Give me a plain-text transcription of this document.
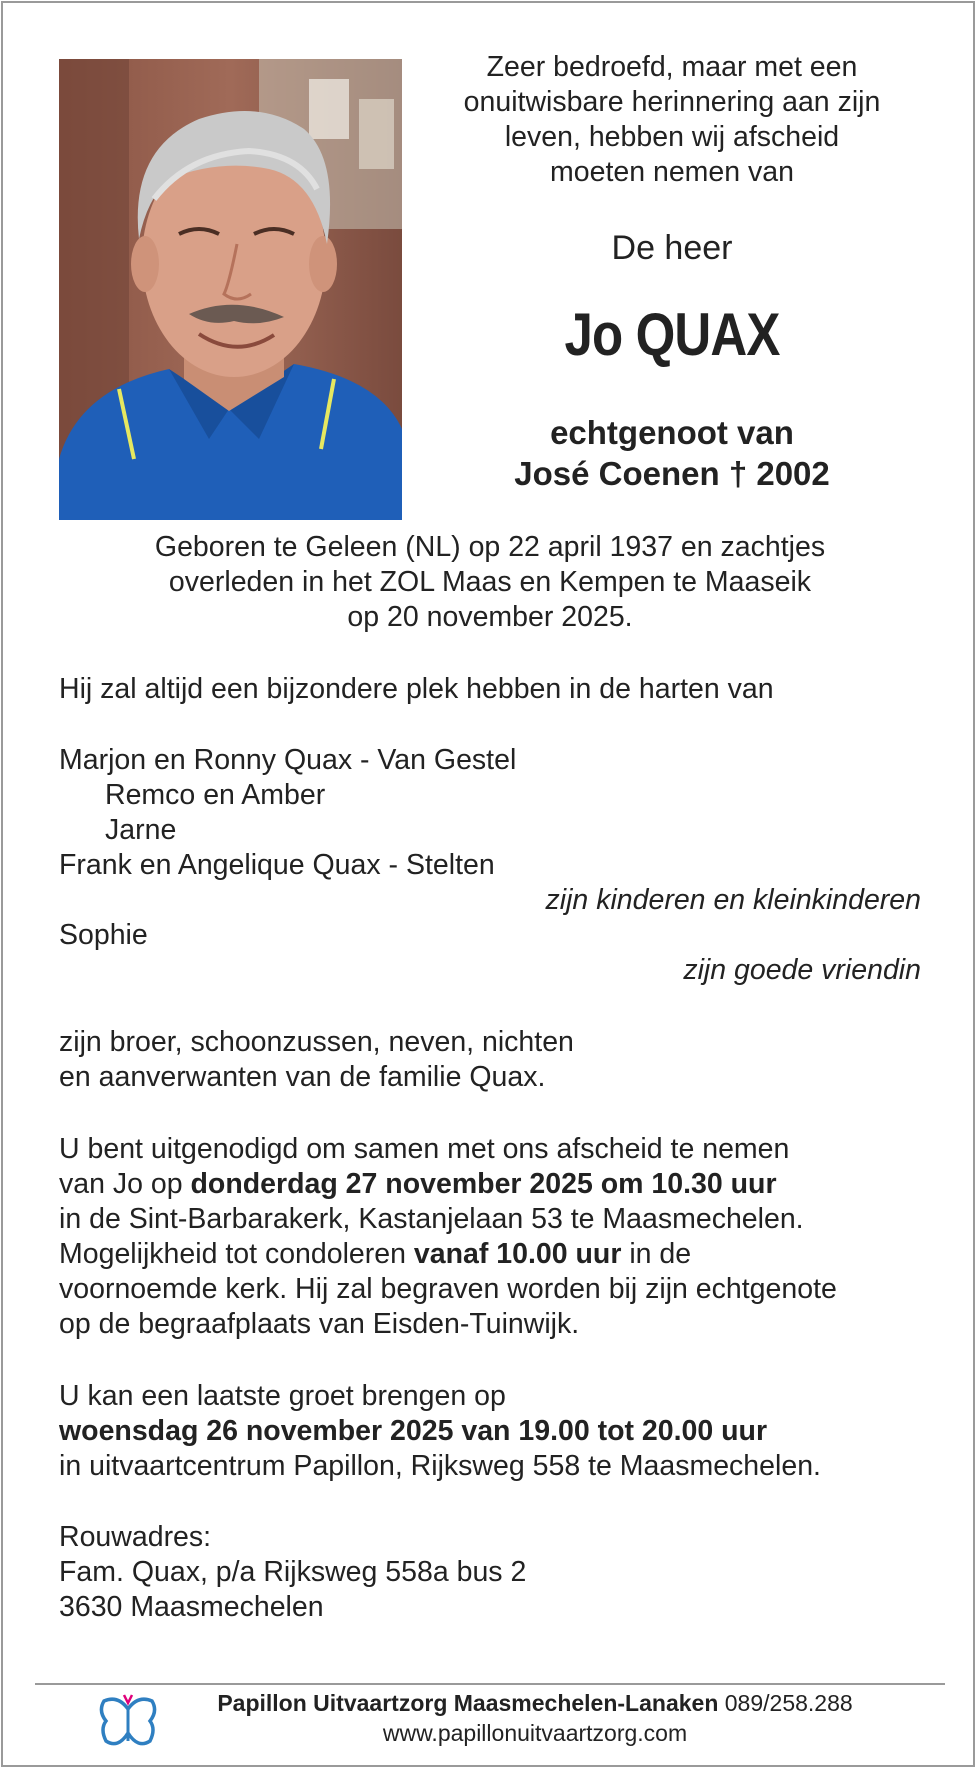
Zeer bedroefd, maar met een
onuitwisbare herinnering aan zijn
leven, hebben wij afscheid
moeten nemen van
De heer
Jo QUAX
echtgenoot van
José Coenen † 2002
Geboren te Geleen (NL) op 22 april 1937 en zachtjes
overleden in het ZOL Maas en Kempen te Maaseik
op 20 november 2025.
Hij zal altijd een bijzondere plek hebben in de harten van
Marjon en Ronny Quax - Van Gestel
Remco en Amber
Jarne
Frank en Angelique Quax - Stelten
zijn kinderen en kleinkinderen
Sophie
zijn goede vriendin
zijn broer, schoonzussen, neven, nichten
en aanverwanten van de familie Quax.
U bent uitgenodigd om samen met ons afscheid te nemen
van Jo op donderdag 27 november 2025 om 10.30 uur
in de Sint-Barbarakerk, Kastanjelaan 53 te Maasmechelen.
Mogelijkheid tot condoleren vanaf 10.00 uur in de
voornoemde kerk. Hij zal begraven worden bij zijn echtgenote
op de begraafplaats van Eisden-Tuinwijk.
U kan een laatste groet brengen op
woensdag 26 november 2025 van 19.00 tot 20.00 uur
in uitvaartcentrum Papillon, Rijksweg 558 te Maasmechelen.
Rouwadres:
Fam. Quax, p/a Rijksweg 558a bus 2
3630 Maasmechelen
Papillon Uitvaartzorg Maasmechelen-Lanaken 089/258.288
www.papillonuitvaartzorg.com
